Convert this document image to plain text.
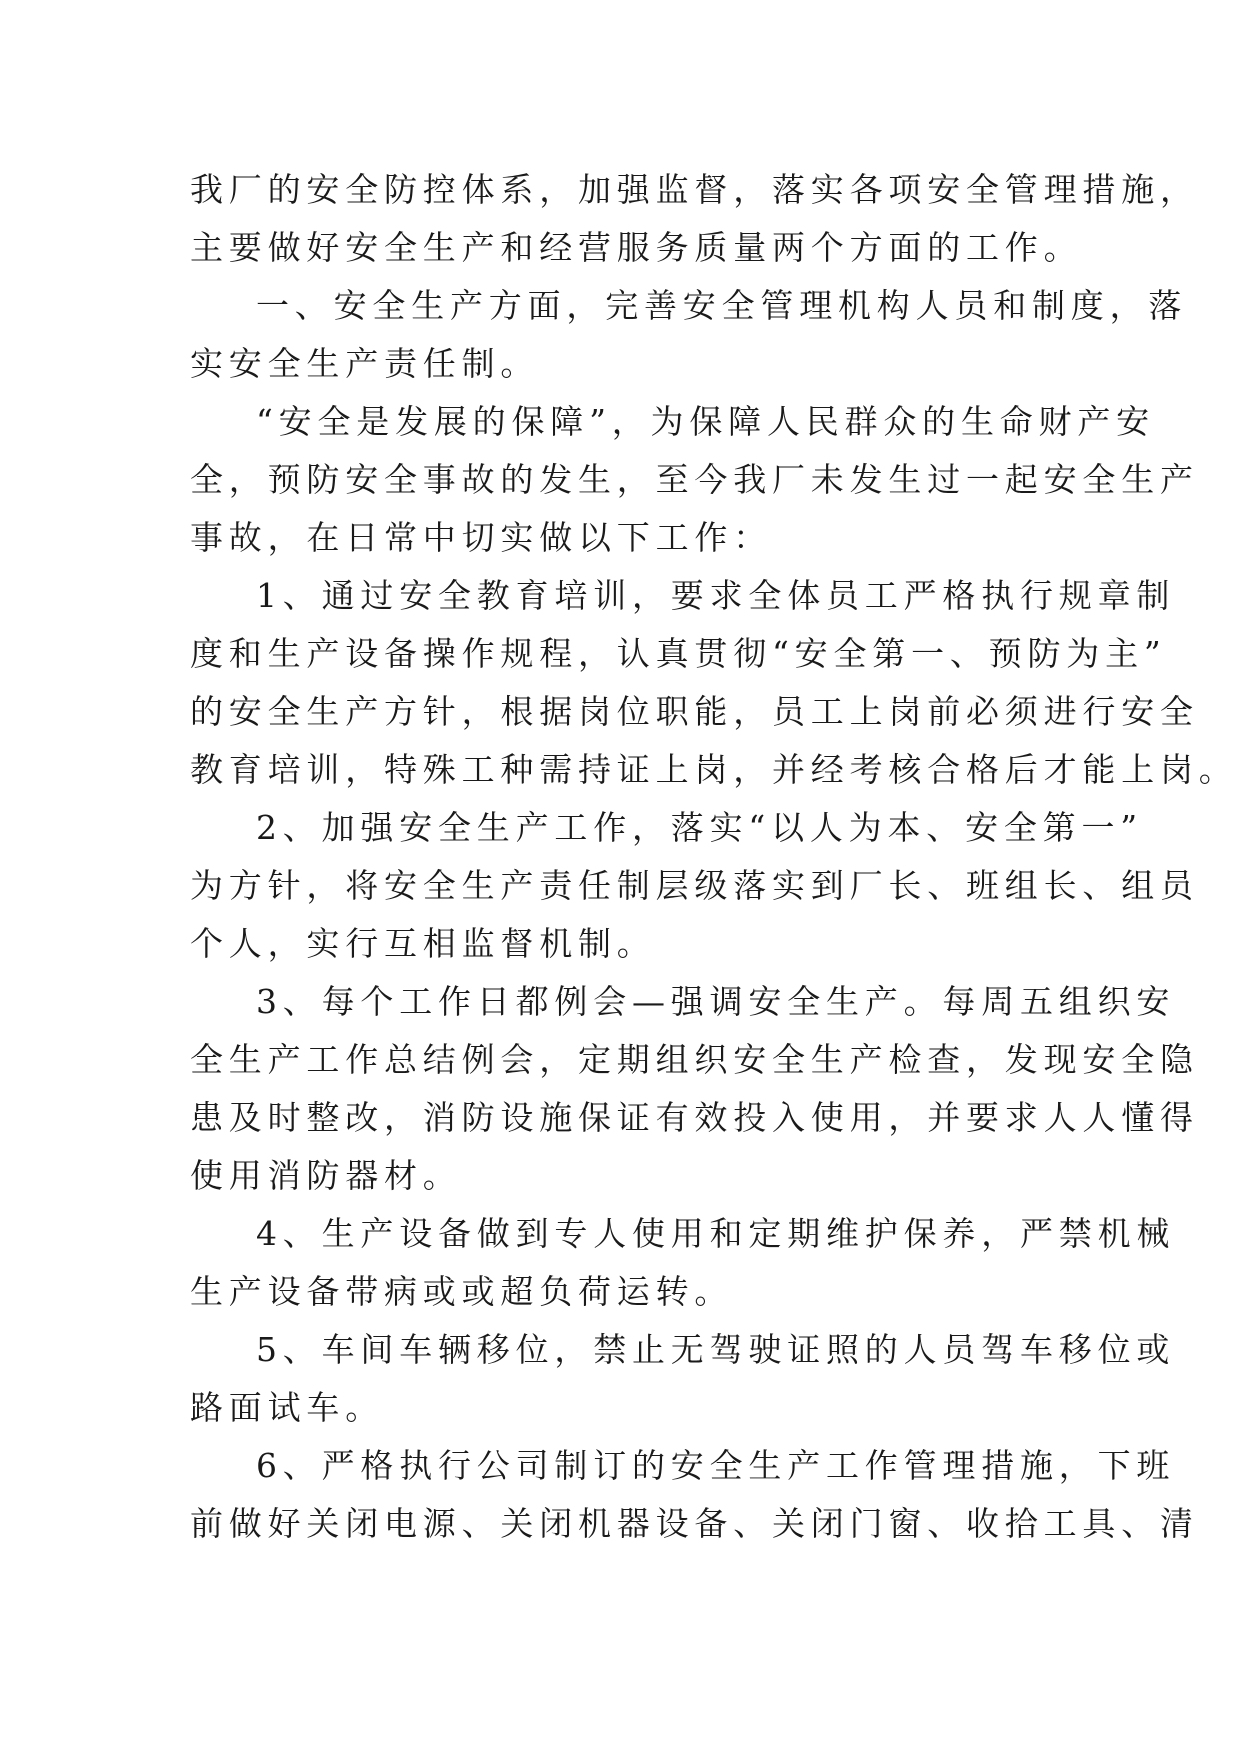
我厂的安全防控体系，加强监督，落实各项安全管理措施，
主要做好安全生产和经营服务质量两个方面的工作。
一、安全生产方面，完善安全管理机构人员和制度，落
实安全生产责任制。
“安全是发展的保障”，为保障人民群众的生命财产安
全，预防安全事故的发生，至今我厂未发生过一起安全生产
事故，在日常中切实做以下工作：
1、通过安全教育培训，要求全体员工严格执行规章制
度和生产设备操作规程，认真贯彻“安全第一、预防为主”
的安全生产方针，根据岗位职能，员工上岗前必须进行安全
教育培训，特殊工种需持证上岗，并经考核合格后才能上岗。
2、加强安全生产工作，落实“以人为本、安全第一”
为方针，将安全生产责任制层级落实到厂长、班组长、组员
个人，实行互相监督机制。
3、每个工作日都例会—强调安全生产。每周五组织安
全生产工作总结例会，定期组织安全生产检查，发现安全隐
患及时整改，消防设施保证有效投入使用，并要求人人懂得
使用消防器材。
4、生产设备做到专人使用和定期维护保养，严禁机械
生产设备带病或或超负荷运转。
5、车间车辆移位，禁止无驾驶证照的人员驾车移位或
路面试车。
6、严格执行公司制订的安全生产工作管理措施，下班
前做好关闭电源、关闭机器设备、关闭门窗、收拾工具、清
